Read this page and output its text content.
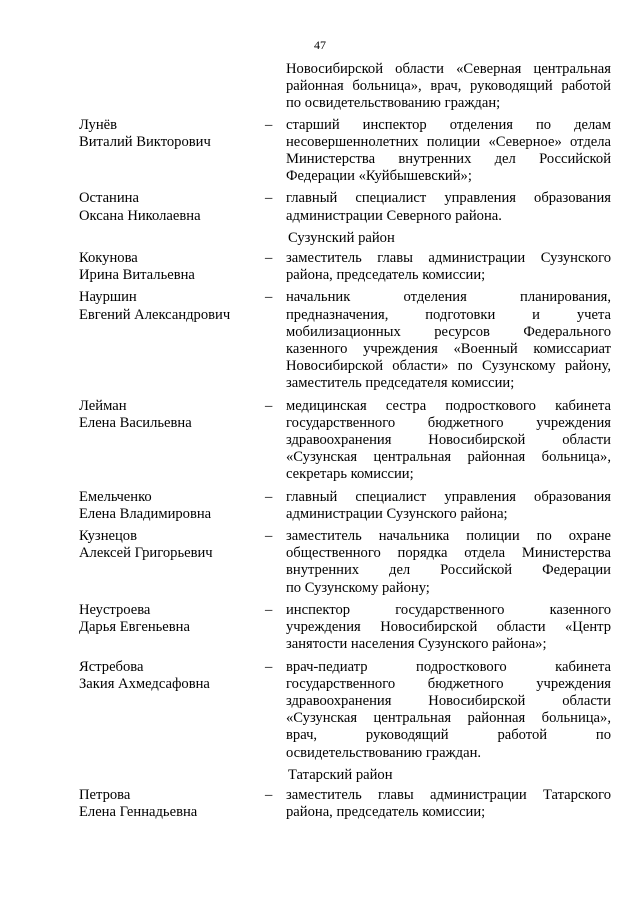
47
Новосибирской области «Северная центральная
районная больница», врач, руководящий работой
по освидетельствованию граждан;
Лунёв
Виталий Викторович
– старший инспектор отделения по делам
несовершеннолетних полиции «Северное» отдела
Министерства внутренних дел Российской
Федерации «Куйбышевский»;
Останина
Оксана Николаевна
– главный специалист управления образования
администрации Северного района.
Сузунский район
Кокунова
Ирина Витальевна
– заместитель главы администрации Сузунского
района, председатель комиссии;
Науршин
Евгений Александрович
– начальник отделения планирования,
предназначения, подготовки и учета
мобилизационных ресурсов Федерального
казенного учреждения «Военный комиссариат
Новосибирской области» по Сузунскому району,
заместитель председателя комиссии;
Лейман
Елена Васильевна
– медицинская сестра подросткового кабинета
государственного бюджетного учреждения
здравоохранения Новосибирской области
«Сузунская центральная районная больница»,
секретарь комиссии;
Емельченко
Елена Владимировна
– главный специалист управления образования
администрации Сузунского района;
Кузнецов
Алексей Григорьевич
– заместитель начальника полиции по охране
общественного порядка отдела Министерства
внутренних дел Российской Федерации
по Сузунскому району;
Неустроева
Дарья Евгеньевна
– инспектор государственного казенного
учреждения Новосибирской области «Центр
занятости населения Сузунского района»;
Ястребова
Закия Ахмедсафовна
– врач-педиатр подросткового кабинета
государственного бюджетного учреждения
здравоохранения Новосибирской области
«Сузунская центральная районная больница»,
врач, руководящий работой по
освидетельствованию граждан.
Татарский район
Петрова
Елена Геннадьевна
– заместитель главы администрации Татарского
района, председатель комиссии;
